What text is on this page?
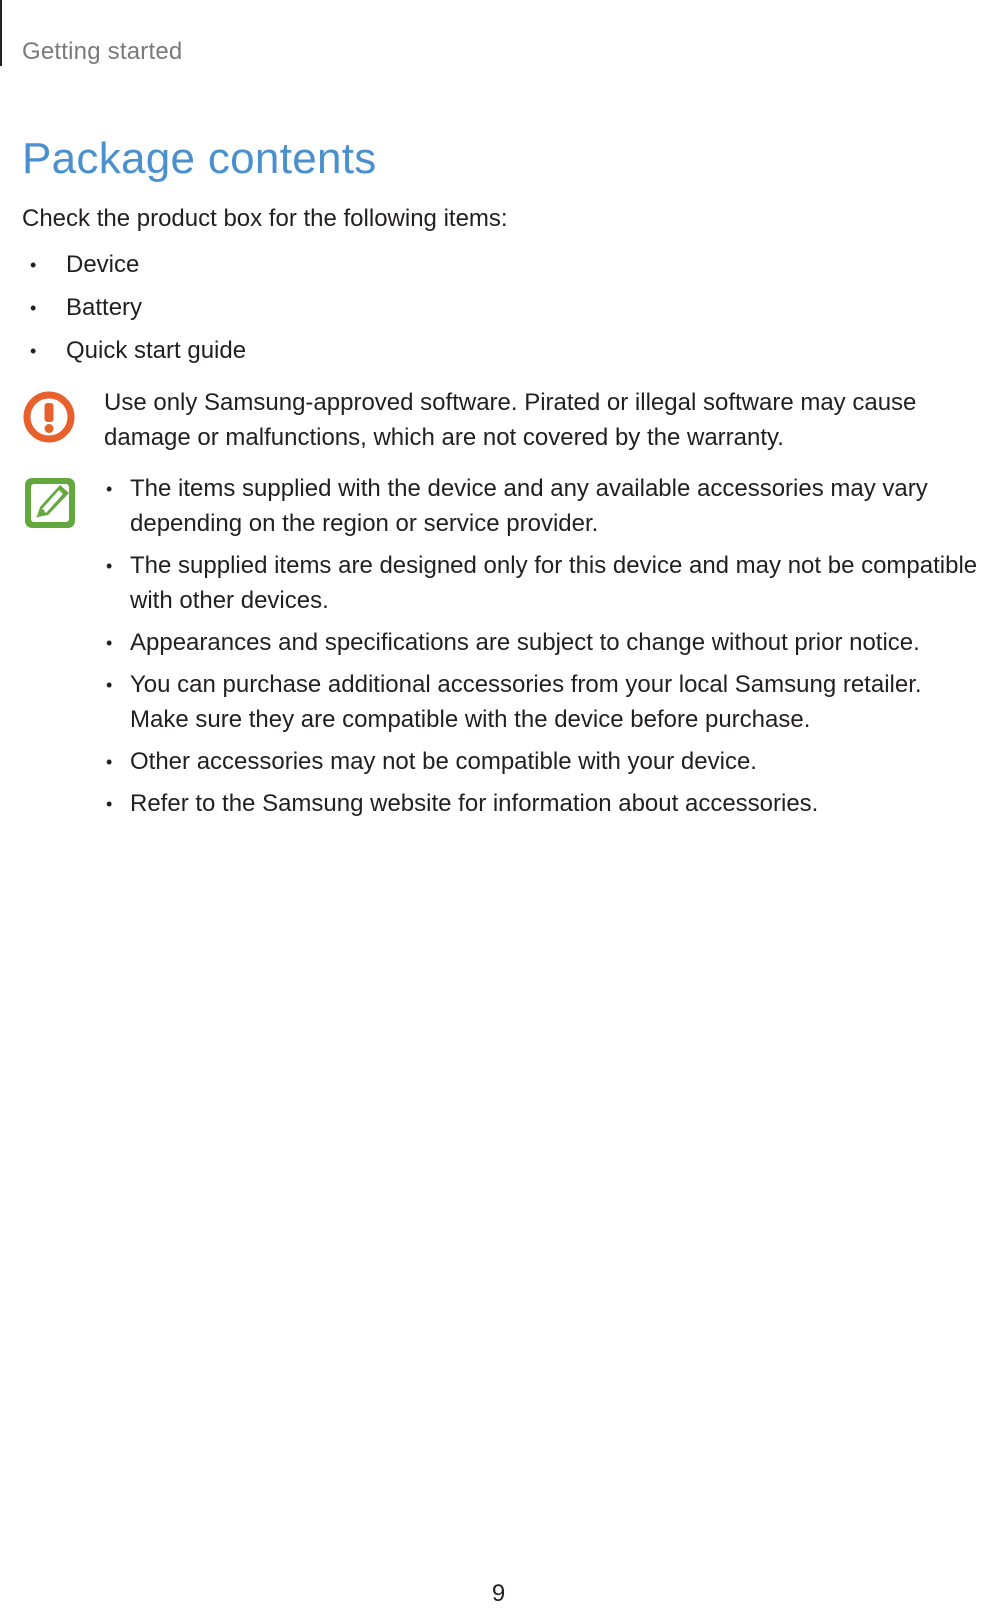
Getting started
Package contents
Check the product box for the following items:
• Device
• Battery
• Quick start guide
Use only Samsung-approved software. Pirated or illegal software may cause damage or malfunctions, which are not covered by the warranty.
• The items supplied with the device and any available accessories may vary depending on the region or service provider.
• The supplied items are designed only for this device and may not be compatible with other devices.
• Appearances and specifications are subject to change without prior notice.
• You can purchase additional accessories from your local Samsung retailer. Make sure they are compatible with the device before purchase.
• Other accessories may not be compatible with your device.
• Refer to the Samsung website for information about accessories.
9
